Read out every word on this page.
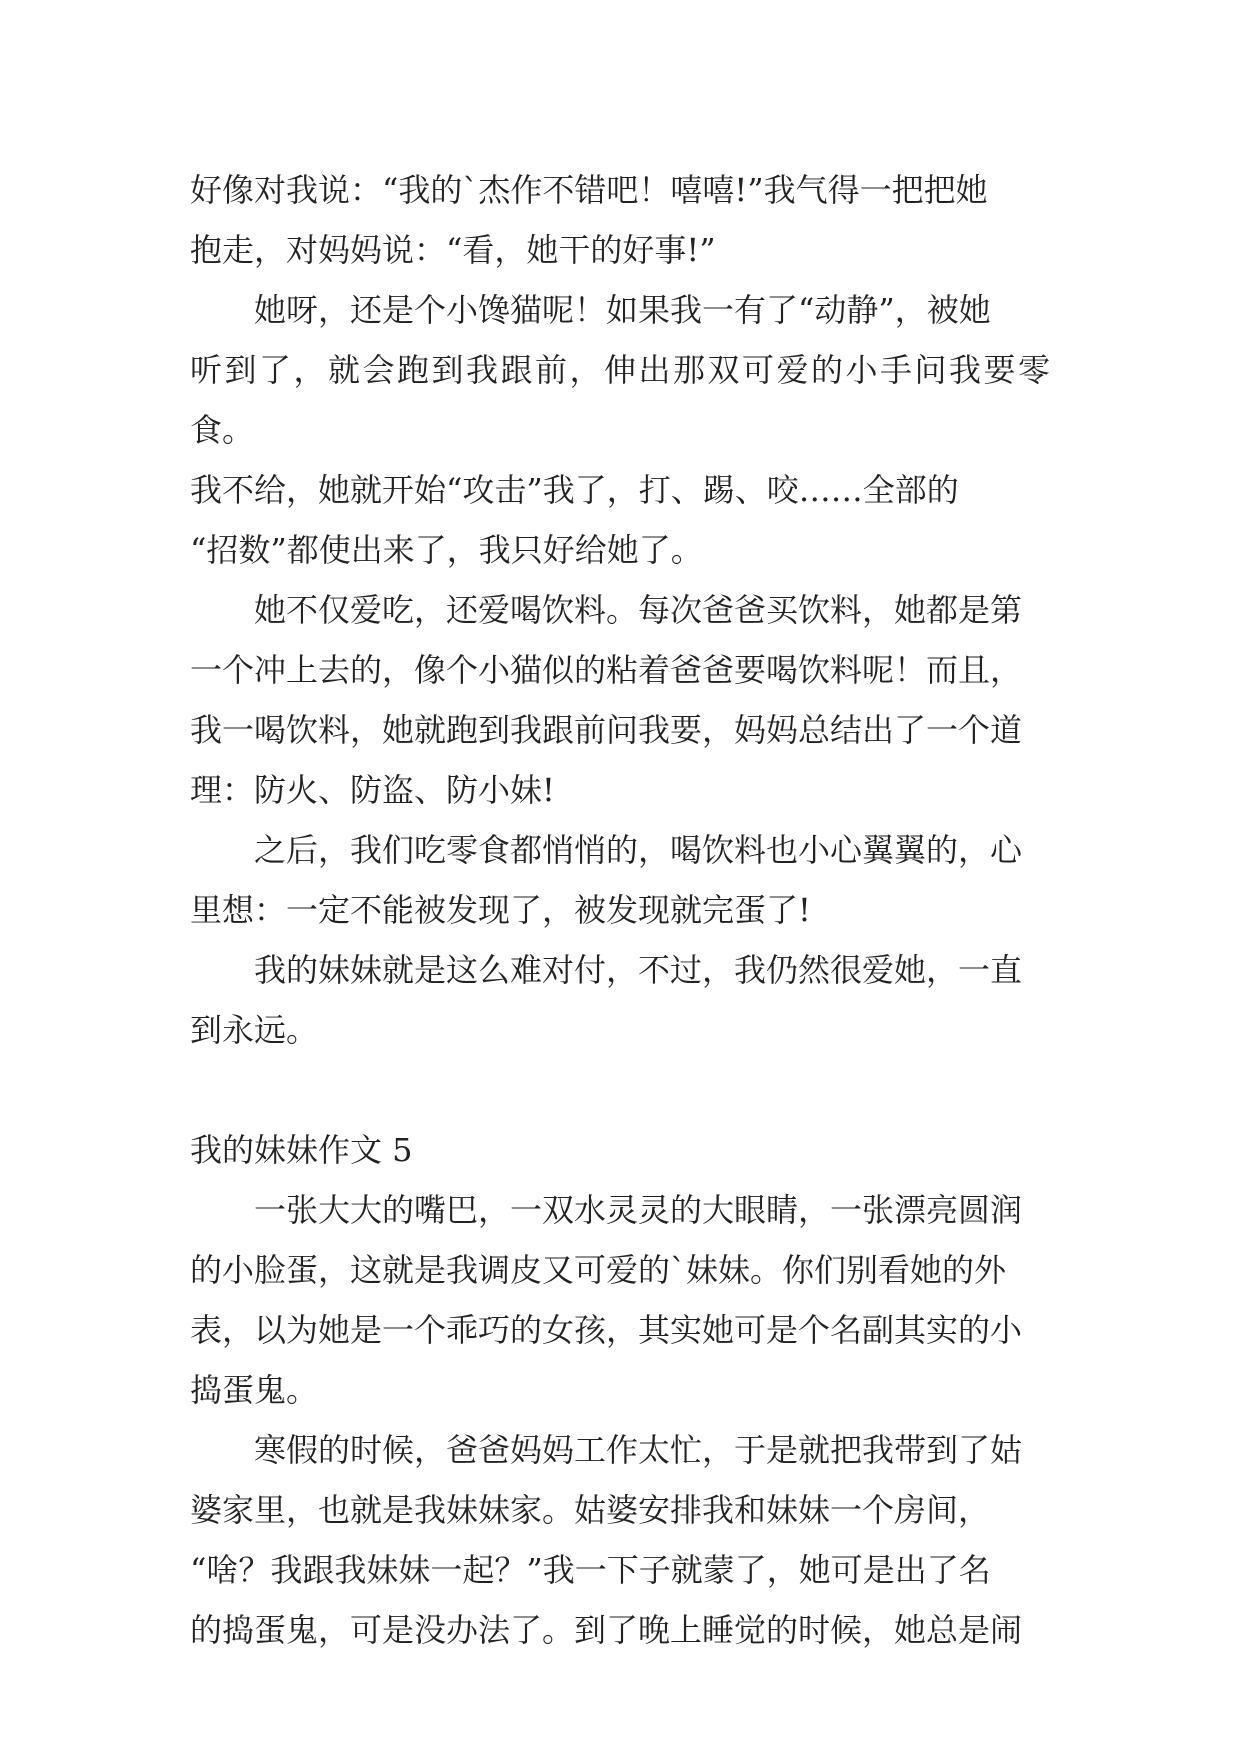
好像对我说：“我的`杰作不错吧！嘻嘻!”我气得一把把她
抱走，对妈妈说：“看，她干的好事!”

她呀，还是个小馋猫呢！如果我一有了“动静”，被她
听到了，就会跑到我跟前，伸出那双可爱的小手问我要零食。
我不给，她就开始“攻击”我了，打、踢、咬……全部的
“招数”都使出来了，我只好给她了。

她不仅爱吃，还爱喝饮料。每次爸爸买饮料，她都是第
一个冲上去的，像个小猫似的粘着爸爸要喝饮料呢！而且，
我一喝饮料，她就跑到我跟前问我要，妈妈总结出了一个道
理：防火、防盗、防小妹!

之后，我们吃零食都悄悄的，喝饮料也小心翼翼的，心
里想：一定不能被发现了，被发现就完蛋了!

我的妹妹就是这么难对付，不过，我仍然很爱她，一直
到永远。

我的妹妹作文 5

一张大大的嘴巴，一双水灵灵的大眼睛，一张漂亮圆润
的小脸蛋，这就是我调皮又可爱的`妹妹。你们别看她的外
表，以为她是一个乖巧的女孩，其实她可是个名副其实的小
捣蛋鬼。

寒假的时候，爸爸妈妈工作太忙，于是就把我带到了姑
婆家里，也就是我妹妹家。姑婆安排我和妹妹一个房间，
“啥？我跟我妹妹一起？”我一下子就蒙了，她可是出了名
的捣蛋鬼，可是没办法了。到了晚上睡觉的时候，她总是闹
